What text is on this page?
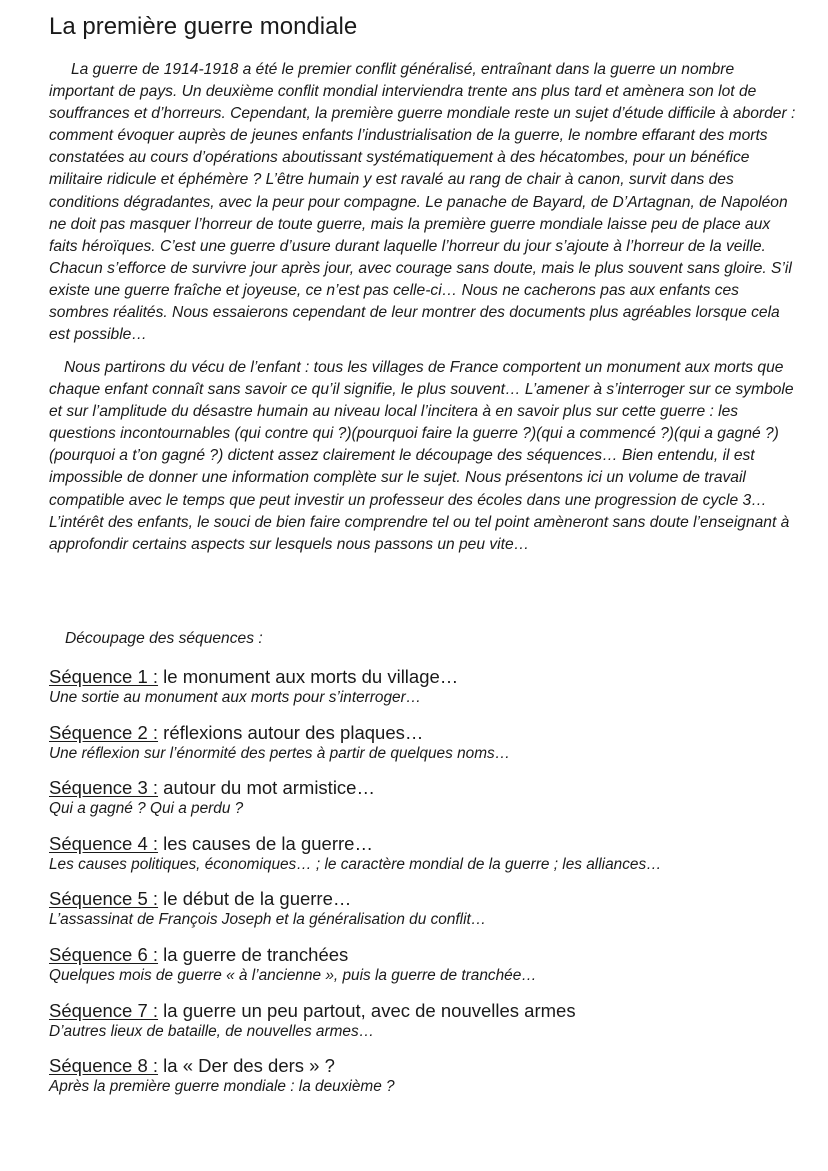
La première guerre mondiale

La guerre de 1914-1918 a été le premier conflit généralisé, entraînant dans la guerre un nombre important de pays. Un deuxième conflit mondial interviendra trente ans plus tard et amènera son lot de souffrances et d’horreurs. Cependant, la première guerre mondiale reste un sujet d’étude difficile à aborder : comment évoquer auprès de jeunes enfants l’industrialisation de la guerre, le nombre effarant des morts constatées au cours d’opérations aboutissant systématiquement à des hécatombes, pour un bénéfice militaire ridicule et éphémère ? L’être humain y est ravalé au rang de chair à canon, survit dans des conditions dégradantes, avec la peur pour compagne. Le panache de Bayard, de D’Artagnan, de Napoléon ne doit pas masquer l’horreur de toute guerre, mais la première guerre mondiale laisse peu de place aux faits héroïques. C’est une guerre d’usure durant laquelle l’horreur du jour s’ajoute à l’horreur de la veille. Chacun s’efforce de survivre jour après jour, avec courage sans doute, mais le plus souvent sans gloire. S’il existe une guerre fraîche et joyeuse, ce n’est pas celle-ci… Nous ne cacherons pas aux enfants ces sombres réalités. Nous essaierons cependant de leur montrer des documents plus agréables lorsque cela est possible…

Nous partirons du vécu de l’enfant : tous les villages de France comportent un monument aux morts que chaque enfant connaît sans savoir ce qu’il signifie, le plus souvent… L’amener à s’interroger sur ce symbole et sur l’amplitude du désastre humain au niveau local l’incitera à en savoir plus sur cette guerre : les questions incontournables (qui contre qui ?)(pourquoi faire la guerre ?)(qui a commencé ?)(qui a gagné ?)(pourquoi a t’on gagné ?) dictent assez clairement le découpage des séquences… Bien entendu, il est impossible de donner une information complète sur le sujet. Nous présentons ici un volume de travail compatible avec le temps que peut investir un professeur des écoles dans une progression de cycle 3… L’intérêt des enfants, le souci de bien faire comprendre tel ou tel point amèneront sans doute l’enseignant à approfondir certains aspects sur lesquels nous passons un peu vite…

Découpage des séquences :

Séquence 1 : le monument aux morts du village…
Une sortie au monument aux morts pour s’interroger…
Séquence 2 : réflexions autour des plaques…
Une réflexion sur l’énormité des pertes à partir de quelques noms…
Séquence 3 : autour du mot armistice…
Qui a gagné ? Qui a perdu ?
Séquence 4 : les causes de la guerre…
Les causes politiques, économiques… ; le caractère mondial de la guerre ; les alliances…
Séquence 5 : le début de la guerre…
L’assassinat de François Joseph et la généralisation du conflit…
Séquence 6 : la guerre de tranchées
Quelques mois de guerre « à l’ancienne », puis la guerre de tranchée…
Séquence 7 : la guerre un peu partout, avec de nouvelles armes
D’autres lieux de bataille, de nouvelles armes…
Séquence 8 : la « Der des ders » ?
Après la première guerre mondiale : la deuxième ?
